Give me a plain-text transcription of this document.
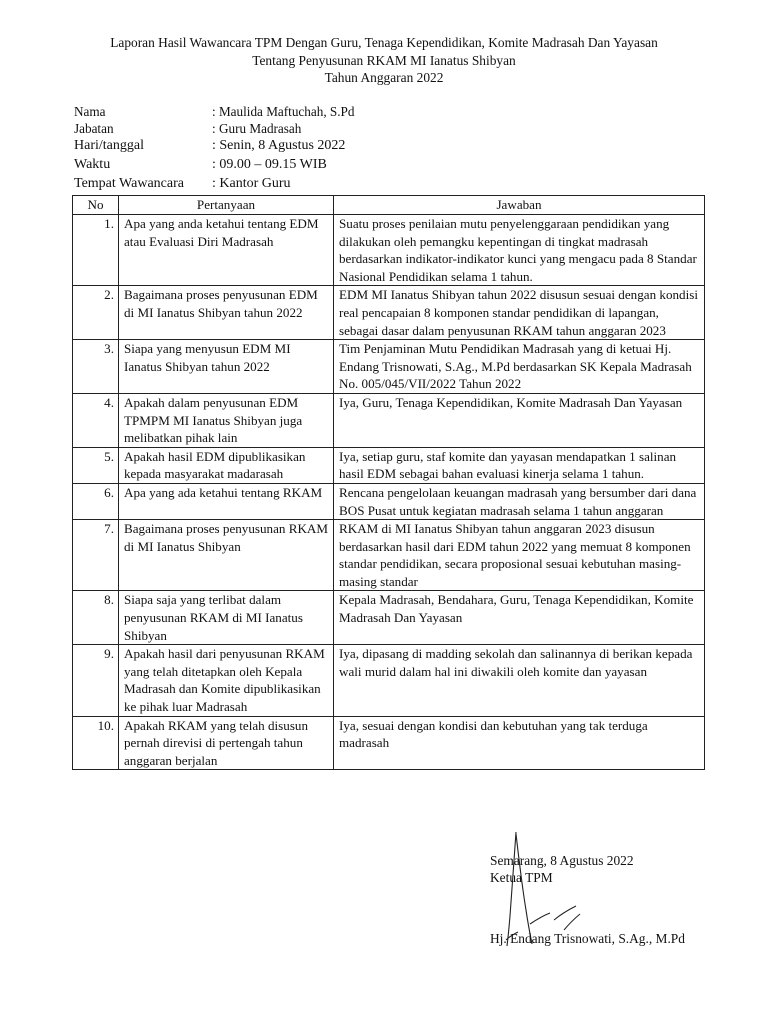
Laporan Hasil Wawancara TPM Dengan Guru, Tenaga Kependidikan, Komite Madrasah Dan Yayasan
Tentang Penyusunan RKAM MI Ianatus Shibyan
Tahun Anggaran 2022
Nama	: Maulida Maftuchah, S.Pd
Jabatan	: Guru Madrasah
Hari/tanggal	: Senin, 8 Agustus 2022
Waktu	: 09.00 – 09.15 WIB
Tempat Wawancara : Kantor Guru
No	Pertanyaan	Jawaban
1.	Apa yang anda ketahui tentang EDM atau Evaluasi Diri Madrasah	Suatu proses penilaian mutu penyelenggaraan pendidikan yang dilakukan oleh pemangku kepentingan di tingkat madrasah berdasarkan indikator-indikator kunci yang mengacu pada 8 Standar Nasional Pendidikan selama 1 tahun.
2.	Bagaimana proses penyusunan EDM di MI Ianatus Shibyan tahun 2022	EDM MI Ianatus Shibyan tahun 2022 disusun sesuai dengan kondisi real pencapaian 8 komponen standar pendidikan di lapangan, sebagai dasar dalam penyusunan RKAM tahun anggaran 2023
3.	Siapa yang menyusun EDM MI Ianatus Shibyan tahun 2022	Tim Penjaminan Mutu Pendidikan Madrasah yang di ketuai Hj. Endang Trisnowati, S.Ag., M.Pd berdasarkan SK Kepala Madrasah No. 005/045/VII/2022 Tahun 2022
4.	Apakah dalam penyusunan EDM TPMPM MI Ianatus Shibyan juga melibatkan pihak lain	Iya, Guru, Tenaga Kependidikan, Komite Madrasah Dan Yayasan
5.	Apakah hasil EDM dipublikasikan kepada masyarakat madarasah	Iya, setiap guru, staf komite dan yayasan mendapatkan 1 salinan hasil EDM sebagai bahan evaluasi kinerja selama 1 tahun.
6.	Apa yang ada ketahui tentang RKAM	Rencana pengelolaan keuangan madrasah yang bersumber dari dana BOS Pusat untuk kegiatan madrasah selama 1 tahun anggaran
7.	Bagaimana proses penyusunan RKAM di MI Ianatus Shibyan	RKAM di MI Ianatus Shibyan tahun anggaran 2023 disusun berdasarkan hasil dari EDM tahun 2022 yang memuat 8 komponen standar pendidikan, secara proposional sesuai kebutuhan masing-masing standar
8.	Siapa saja yang terlibat dalam penyusunan RKAM di MI Ianatus Shibyan	Kepala Madrasah, Bendahara, Guru, Tenaga Kependidikan, Komite Madrasah Dan Yayasan
9.	Apakah hasil dari penyusunan RKAM yang telah ditetapkan oleh Kepala Madrasah dan Komite dipublikasikan ke pihak luar Madrasah	Iya, dipasang di madding sekolah dan salinannya di berikan kepada wali murid dalam hal ini diwakili oleh komite dan yayasan
10.	Apakah RKAM yang telah disusun pernah direvisi di pertengah tahun anggaran berjalan	Iya, sesuai dengan kondisi dan kebutuhan yang tak terduga madrasah
Semarang, 8 Agustus 2022
Ketua TPM
Hj. Endang Trisnowati, S.Ag., M.Pd
